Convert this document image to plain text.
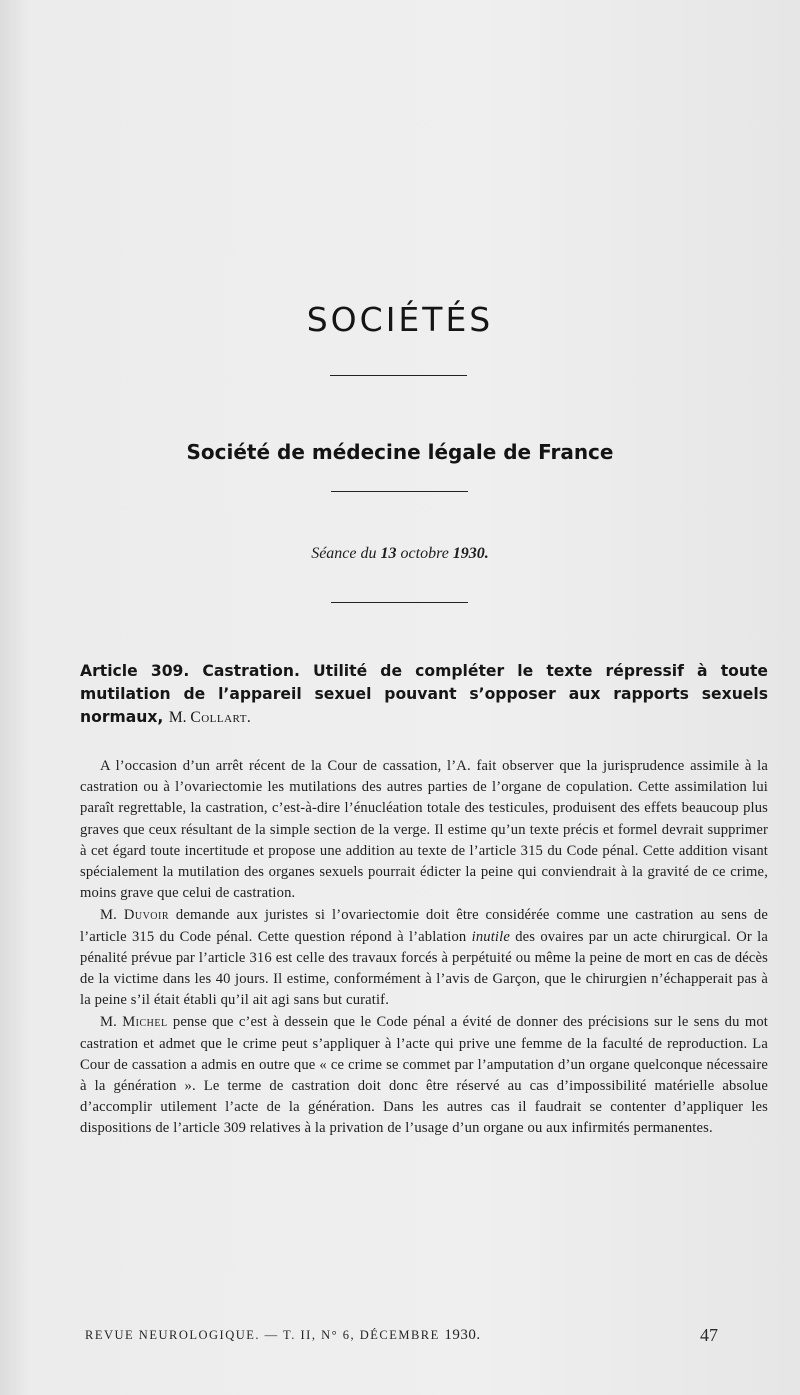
SOCIÉTÉS
Société de médecine légale de France
Séance du 13 octobre 1930.
Article 309. Castration. Utilité de compléter le texte répressif à toute mutilation de l’appareil sexuel pouvant s’opposer aux rapports sexuels normaux, M. Collart.

A l’occasion d’un arrêt récent de la Cour de cassation, l’A. fait observer que la jurisprudence assimile à la castration ou à l’ovariectomie les mutilations des autres parties de l’organe de copulation. Cette assimilation lui paraît regrettable, la castration, c’est-à-dire l’énucléation totale des testicules, produisent des effets beaucoup plus graves que ceux résultant de la simple section de la verge. Il estime qu’un texte précis et formel devrait supprimer à cet égard toute incertitude et propose une addition au texte de l’article 315 du Code pénal. Cette addition visant spécialement la mutilation des organes sexuels pourrait édicter la peine qui conviendrait à la gravité de ce crime, moins grave que celui de castration.

M. Duvoir demande aux juristes si l’ovariectomie doit être considérée comme une castration au sens de l’article 315 du Code pénal. Cette question répond à l’ablation inutile des ovaires par un acte chirurgical. Or la pénalité prévue par l’article 316 est celle des travaux forcés à perpétuité ou même la peine de mort en cas de décès de la victime dans les 40 jours. Il estime, conformément à l’avis de Garçon, que le chirurgien n’échapperait pas à la peine s’il était établi qu’il ait agi sans but curatif.

M. Michel pense que c’est à dessein que le Code pénal a évité de donner des précisions sur le sens du mot castration et admet que le crime peut s’appliquer à l’acte qui prive une femme de la faculté de reproduction. La Cour de cassation a admis en outre que « ce crime se commet par l’amputation d’un organe quelconque nécessaire à la génération ». Le terme de castration doit donc être réservé au cas d’impossibilité matérielle absolue d’accomplir utilement l’acte de la génération. Dans les autres cas il faudrait se contenter d’appliquer les dispositions de l’article 309 relatives à la privation de l’usage d’un organe ou aux infirmités permanentes.

REVUE NEUROLOGIQUE. — T. II, N° 6, DÉCEMBRE 1930.	47
